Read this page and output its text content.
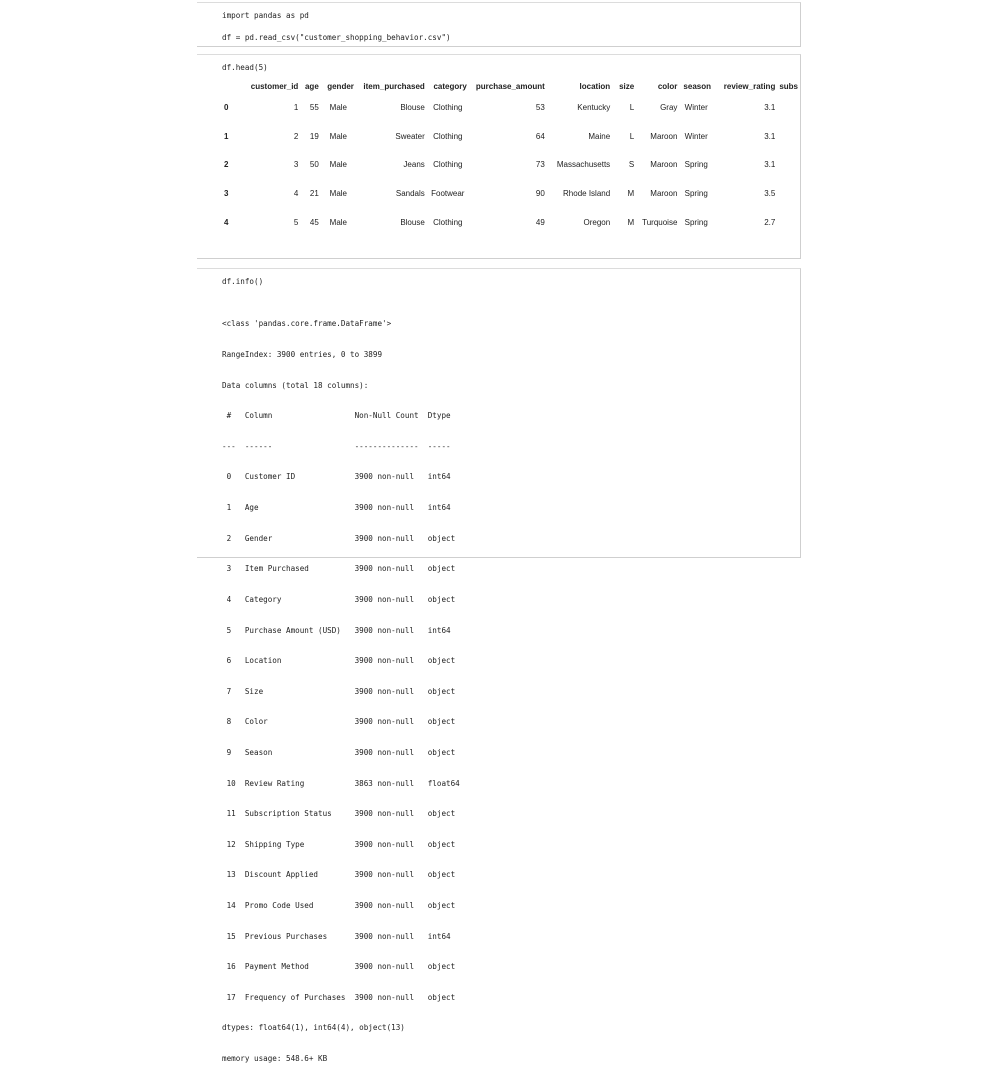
import pandas as pd
df = pd.read_csv("customer_shopping_behavior.csv")
df.head(5)
	customer_id	age	gender	item_purchased	category	purchase_amount	location	size	color	season	review_rating	subs
0	1	55	Male	Blouse	Clothing	53	Kentucky	L	Gray	Winter	3.1	
1	2	19	Male	Sweater	Clothing	64	Maine	L	Maroon	Winter	3.1	
2	3	50	Male	Jeans	Clothing	73	Massachusetts	S	Maroon	Spring	3.1	
3	4	21	Male	Sandals	Footwear	90	Rhode Island	M	Maroon	Spring	3.5	
4	5	45	Male	Blouse	Clothing	49	Oregon	M	Turquoise	Spring	2.7	
df.info()

<class 'pandas.core.frame.DataFrame'>

RangeIndex: 3900 entries, 0 to 3899

Data columns (total 18 columns):

#   Column                  Non-Null Count  Dtype

---  ------                  --------------  -----

0   Customer ID             3900 non-null   int64

1   Age                     3900 non-null   int64

2   Gender                  3900 non-null   object

3   Item Purchased          3900 non-null   object

4   Category                3900 non-null   object

5   Purchase Amount (USD)   3900 non-null   int64

6   Location                3900 non-null   object

7   Size                    3900 non-null   object

8   Color                   3900 non-null   object

9   Season                  3900 non-null   object

10  Review Rating           3863 non-null   float64

11  Subscription Status     3900 non-null   object

12  Shipping Type           3900 non-null   object

13  Discount Applied        3900 non-null   object

14  Promo Code Used         3900 non-null   object

15  Previous Purchases      3900 non-null   int64

16  Payment Method          3900 non-null   object

17  Frequency of Purchases  3900 non-null   object

dtypes: float64(1), int64(4), object(13)

memory usage: 548.6+ KB
